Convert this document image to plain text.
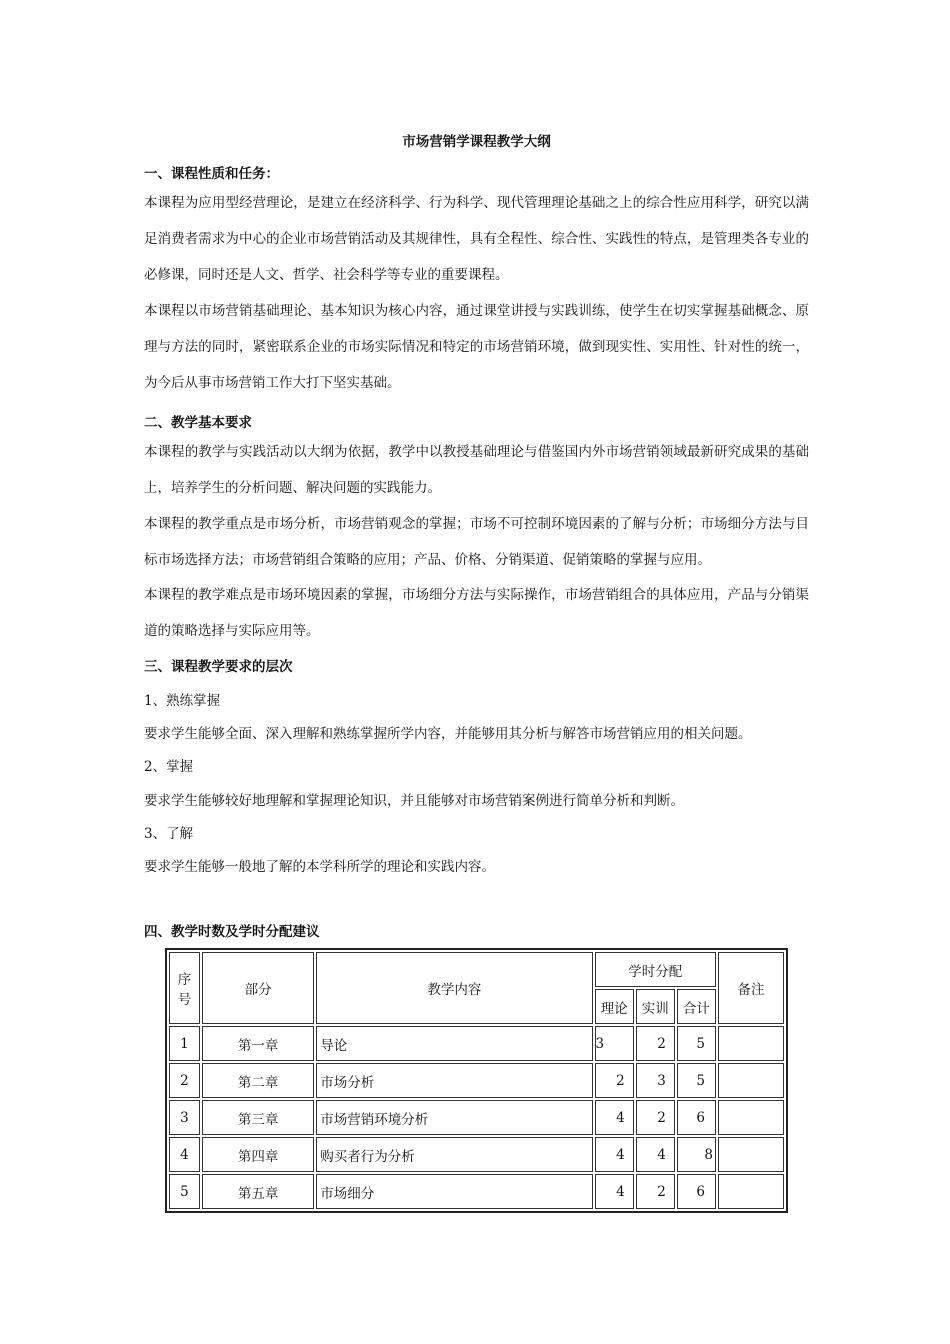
市场营销学课程教学大纲
一、课程性质和任务：

本课程为应用型经营理论，是建立在经济科学、行为科学、现代管理理论基础之上的综合性应用科学，研究以满足消费者需求为中心的企业市场营销活动及其规律性，具有全程性、综合性、实践性的特点，是管理类各专业的必修课，同时还是人文、哲学、社会科学等专业的重要课程。

本课程以市场营销基础理论、基本知识为核心内容，通过课堂讲授与实践训练，使学生在切实掌握基础概念、原理与方法的同时，紧密联系企业的市场实际情况和特定的市场营销环境，做到现实性、实用性、针对性的统一，为今后从事市场营销工作大打下坚实基础。

二、教学基本要求

本课程的教学与实践活动以大纲为依据，教学中以教授基础理论与借鉴国内外市场营销领域最新研究成果的基础上，培养学生的分析问题、解决问题的实践能力。

本课程的教学重点是市场分析，市场营销观念的掌握；市场不可控制环境因素的了解与分析；市场细分方法与目标市场选择方法；市场营销组合策略的应用；产品、价格、分销渠道、促销策略的掌握与应用。

本课程的教学难点是市场环境因素的掌握，市场细分方法与实际操作，市场营销组合的具体应用，产品与分销渠道的策略选择与实际应用等。

三、课程教学要求的层次
1、熟练掌握
要求学生能够全面、深入理解和熟练掌握所学内容，并能够用其分析与解答市场营销应用的相关问题。
2、掌握
要求学生能够较好地理解和掌握理论知识，并且能够对市场营销案例进行简单分析和判断。
3、了解
要求学生能够一般地了解的本学科所学的理论和实践内容。
四、教学时数及学时分配建议
序号	部分	教学内容	学时分配			备注
			理论	实训	合计	
1	第一章	导论	3	2	5	
2	第二章	市场分析	2	3	5	
3	第三章	市场营销环境分析	4	2	6	
4	第四章	购买者行为分析	4	4	8	
5	第五章	市场细分	4	2	6	
